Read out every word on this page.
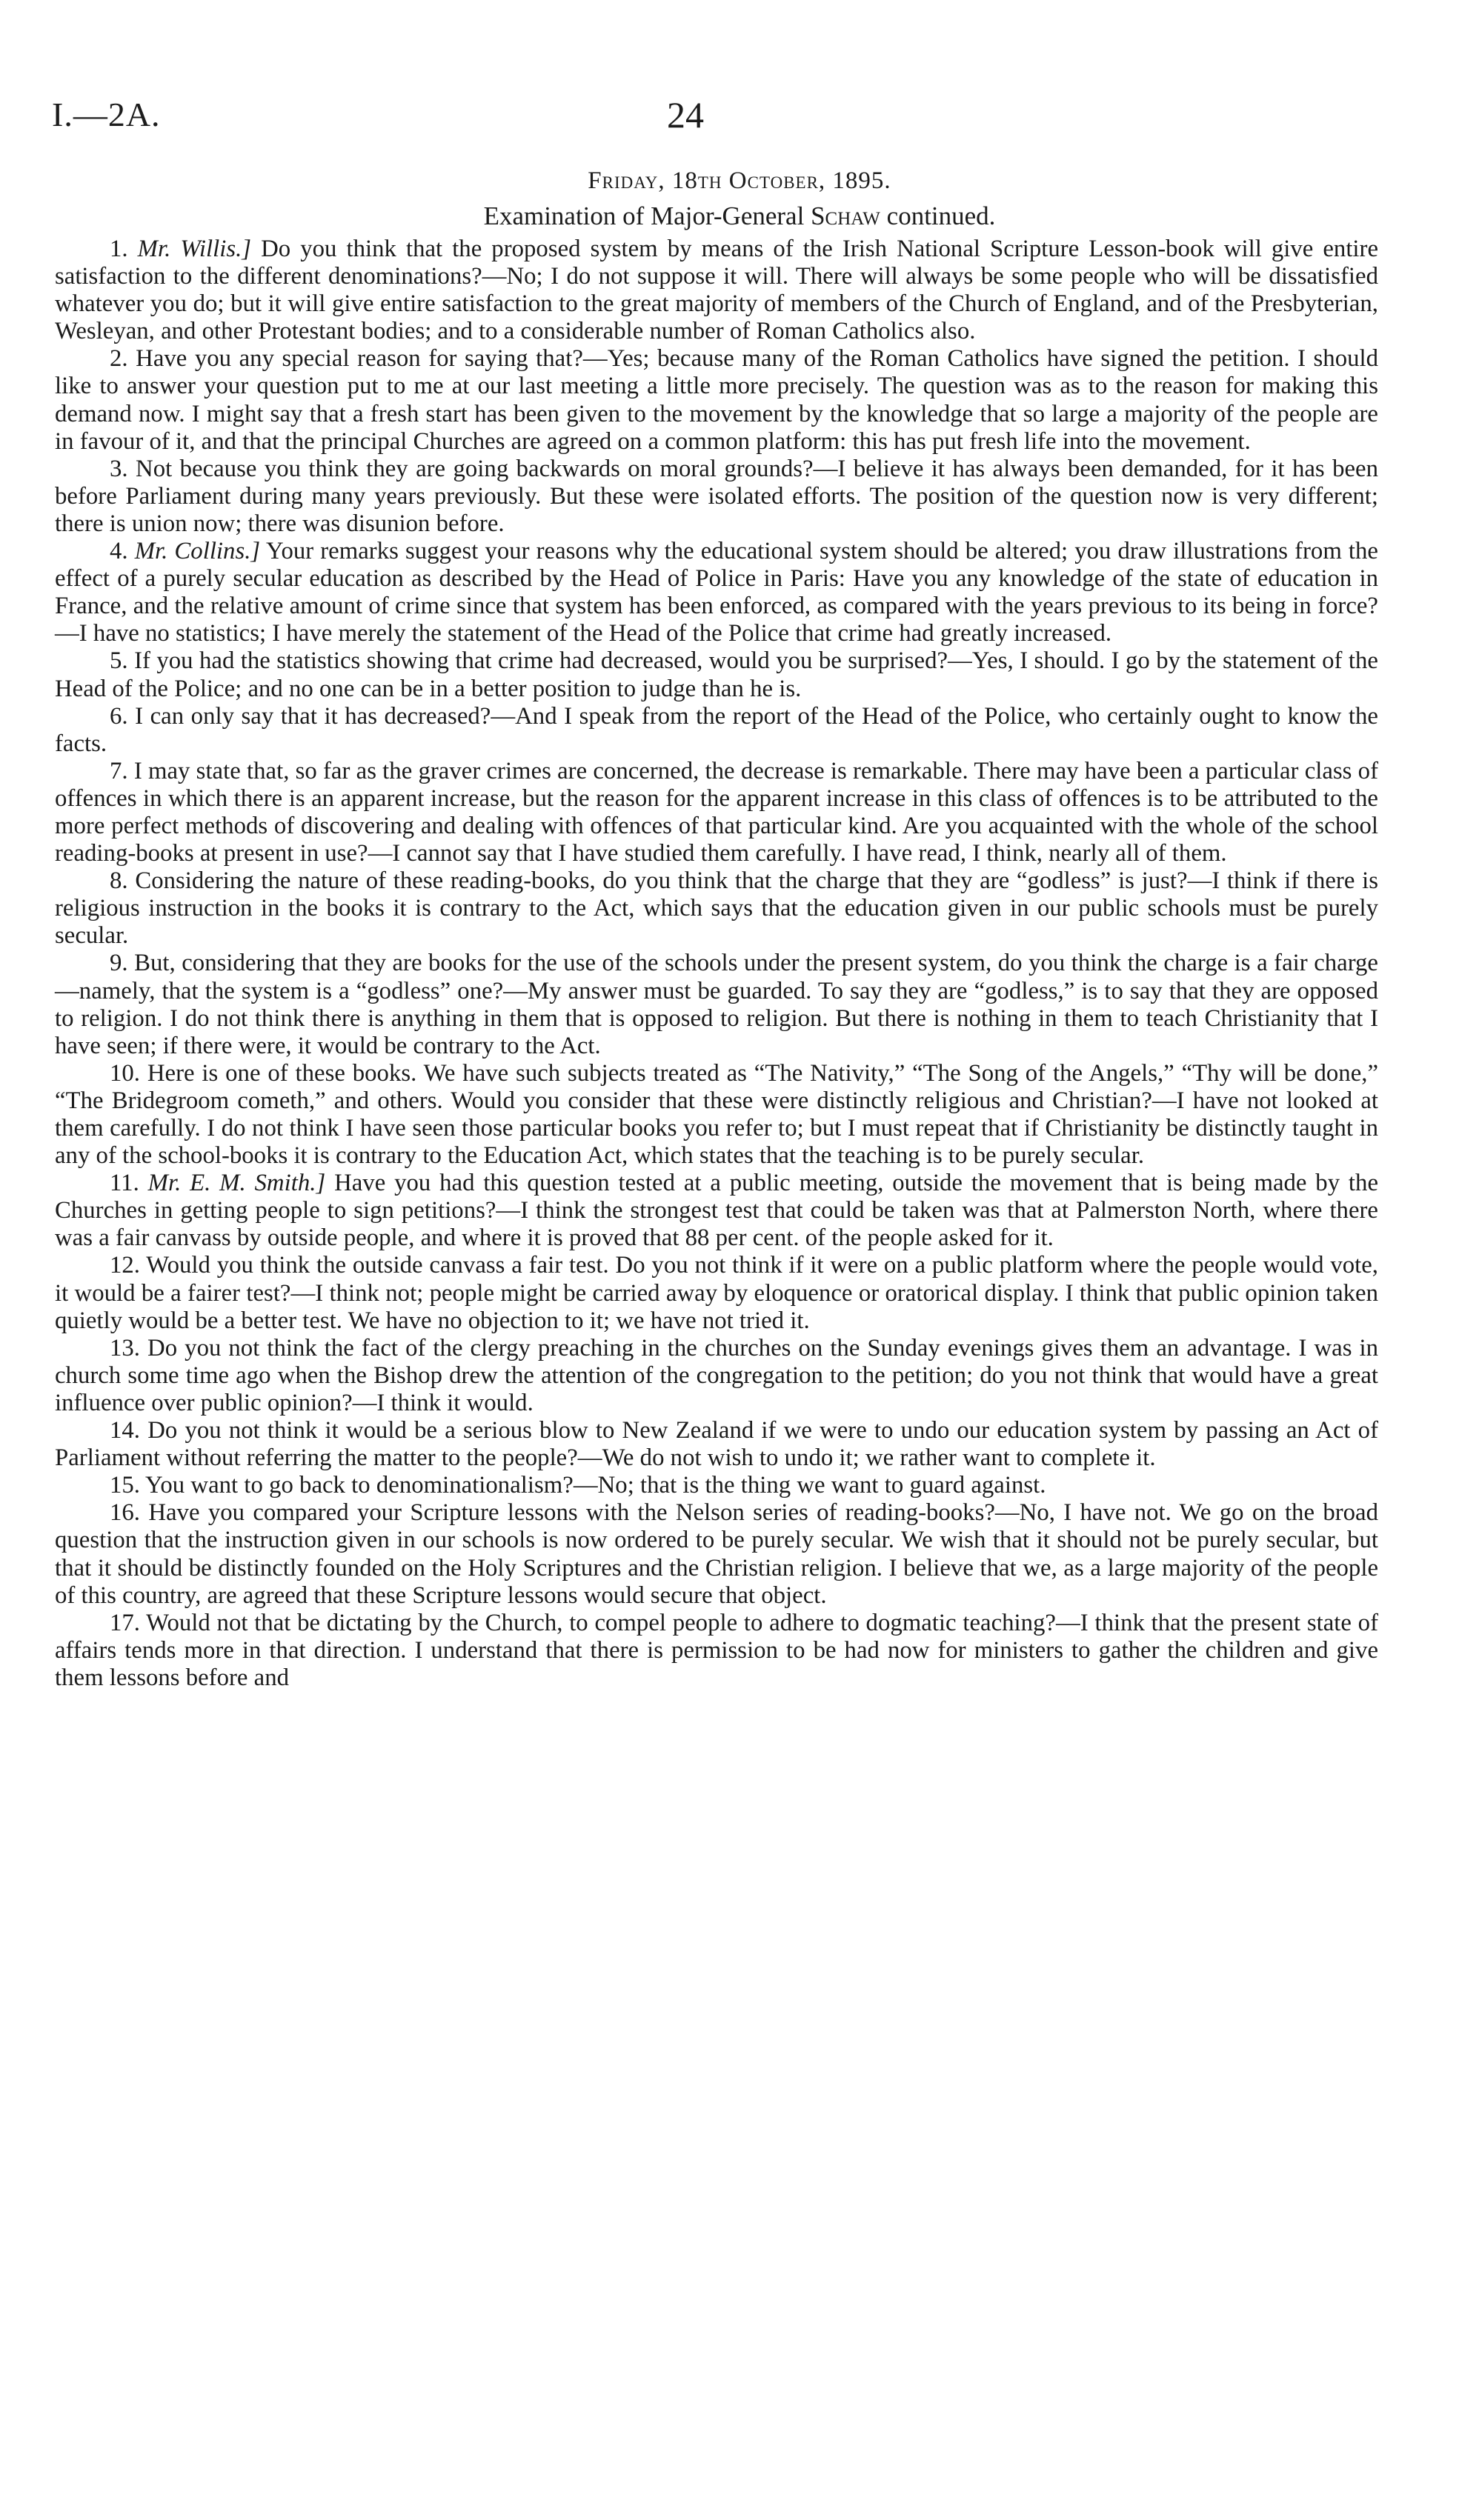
I.—2A.	24
Friday, 18th October, 1895.
Examination of Major-General Schaw continued.

1. Mr. Willis.] Do you think that the proposed system by means of the Irish National Scripture Lesson-book will give entire satisfaction to the different denominations?—No; I do not suppose it will. There will always be some people who will be dissatisfied whatever you do; but it will give entire satisfaction to the great majority of members of the Church of England, and of the Presbyterian, Wesleyan, and other Protestant bodies; and to a considerable number of Roman Catholics also.

2. Have you any special reason for saying that?—Yes; because many of the Roman Catholics have signed the petition. I should like to answer your question put to me at our last meeting a little more precisely. The question was as to the reason for making this demand now. I might say that a fresh start has been given to the movement by the knowledge that so large a majority of the people are in favour of it, and that the principal Churches are agreed on a common platform: this has put fresh life into the movement.

3. Not because you think they are going backwards on moral grounds?—I believe it has always been demanded, for it has been before Parliament during many years previously. But these were isolated efforts. The position of the question now is very different; there is union now; there was disunion before.

4. Mr. Collins.] Your remarks suggest your reasons why the educational system should be altered; you draw illustrations from the effect of a purely secular education as described by the Head of Police in Paris: Have you any knowledge of the state of education in France, and the relative amount of crime since that system has been enforced, as compared with the years previous to its being in force?—I have no statistics; I have merely the statement of the Head of the Police that crime had greatly increased.

5. If you had the statistics showing that crime had decreased, would you be surprised?—Yes, I should. I go by the statement of the Head of the Police; and no one can be in a better position to judge than he is.

6. I can only say that it has decreased?—And I speak from the report of the Head of the Police, who certainly ought to know the facts.

7. I may state that, so far as the graver crimes are concerned, the decrease is remarkable. There may have been a particular class of offences in which there is an apparent increase, but the reason for the apparent increase in this class of offences is to be attributed to the more perfect methods of discovering and dealing with offences of that particular kind. Are you acquainted with the whole of the school reading-books at present in use?—I cannot say that I have studied them carefully. I have read, I think, nearly all of them.

8. Considering the nature of these reading-books, do you think that the charge that they are “godless” is just?—I think if there is religious instruction in the books it is contrary to the Act, which says that the education given in our public schools must be purely secular.

9. But, considering that they are books for the use of the schools under the present system, do you think the charge is a fair charge—namely, that the system is a “godless” one?—My answer must be guarded. To say they are “godless,” is to say that they are opposed to religion. I do not think there is anything in them that is opposed to religion. But there is nothing in them to teach Christianity that I have seen; if there were, it would be contrary to the Act.

10. Here is one of these books. We have such subjects treated as “The Nativity,” “The Song of the Angels,” “Thy will be done,” “The Bridegroom cometh,” and others. Would you consider that these were distinctly religious and Christian?—I have not looked at them carefully. I do not think I have seen those particular books you refer to; but I must repeat that if Christianity be distinctly taught in any of the school-books it is contrary to the Education Act, which states that the teaching is to be purely secular.

11. Mr. E. M. Smith.] Have you had this question tested at a public meeting, outside the movement that is being made by the Churches in getting people to sign petitions?—I think the strongest test that could be taken was that at Palmerston North, where there was a fair canvass by outside people, and where it is proved that 88 per cent. of the people asked for it.

12. Would you think the outside canvass a fair test. Do you not think if it were on a public platform where the people would vote, it would be a fairer test?—I think not; people might be carried away by eloquence or oratorical display. I think that public opinion taken quietly would be a better test. We have no objection to it; we have not tried it.

13. Do you not think the fact of the clergy preaching in the churches on the Sunday evenings gives them an advantage. I was in church some time ago when the Bishop drew the attention of the congregation to the petition; do you not think that would have a great influence over public opinion?—I think it would.

14. Do you not think it would be a serious blow to New Zealand if we were to undo our education system by passing an Act of Parliament without referring the matter to the people?—We do not wish to undo it; we rather want to complete it.

15. You want to go back to denominationalism?—No; that is the thing we want to guard against.

16. Have you compared your Scripture lessons with the Nelson series of reading-books?—No, I have not. We go on the broad question that the instruction given in our schools is now ordered to be purely secular. We wish that it should not be purely secular, but that it should be distinctly founded on the Holy Scriptures and the Christian religion. I believe that we, as a large majority of the people of this country, are agreed that these Scripture lessons would secure that object.

17. Would not that be dictating by the Church, to compel people to adhere to dogmatic teaching?—I think that the present state of affairs tends more in that direction. I understand that there is permission to be had now for ministers to gather the children and give them lessons before and
